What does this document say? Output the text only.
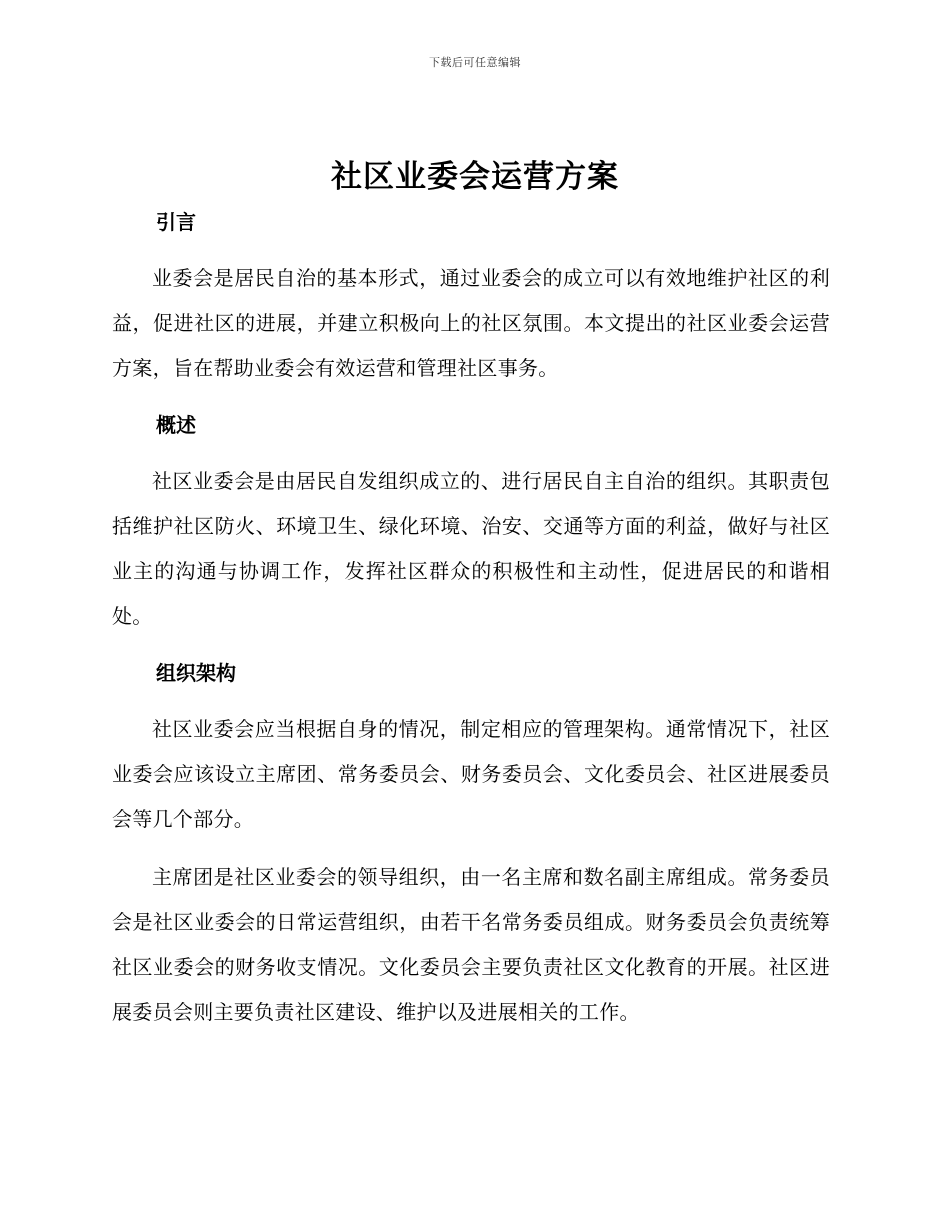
下载后可任意编辑
社区业委会运营方案
引言

业委会是居民自治的基本形式，通过业委会的成立可以有效地维护社区的利益，促进社区的进展，并建立积极向上的社区氛围。本文提出的社区业委会运营方案，旨在帮助业委会有效运营和管理社区事务。

概述

社区业委会是由居民自发组织成立的、进行居民自主自治的组织。其职责包括维护社区防火、环境卫生、绿化环境、治安、交通等方面的利益，做好与社区业主的沟通与协调工作，发挥社区群众的积极性和主动性，促进居民的和谐相处。

组织架构

社区业委会应当根据自身的情况，制定相应的管理架构。通常情况下，社区业委会应该设立主席团、常务委员会、财务委员会、文化委员会、社区进展委员会等几个部分。

主席团是社区业委会的领导组织，由一名主席和数名副主席组成。常务委员会是社区业委会的日常运营组织，由若干名常务委员组成。财务委员会负责统筹社区业委会的财务收支情况。文化委员会主要负责社区文化教育的开展。社区进展委员会则主要负责社区建设、维护以及进展相关的工作。
